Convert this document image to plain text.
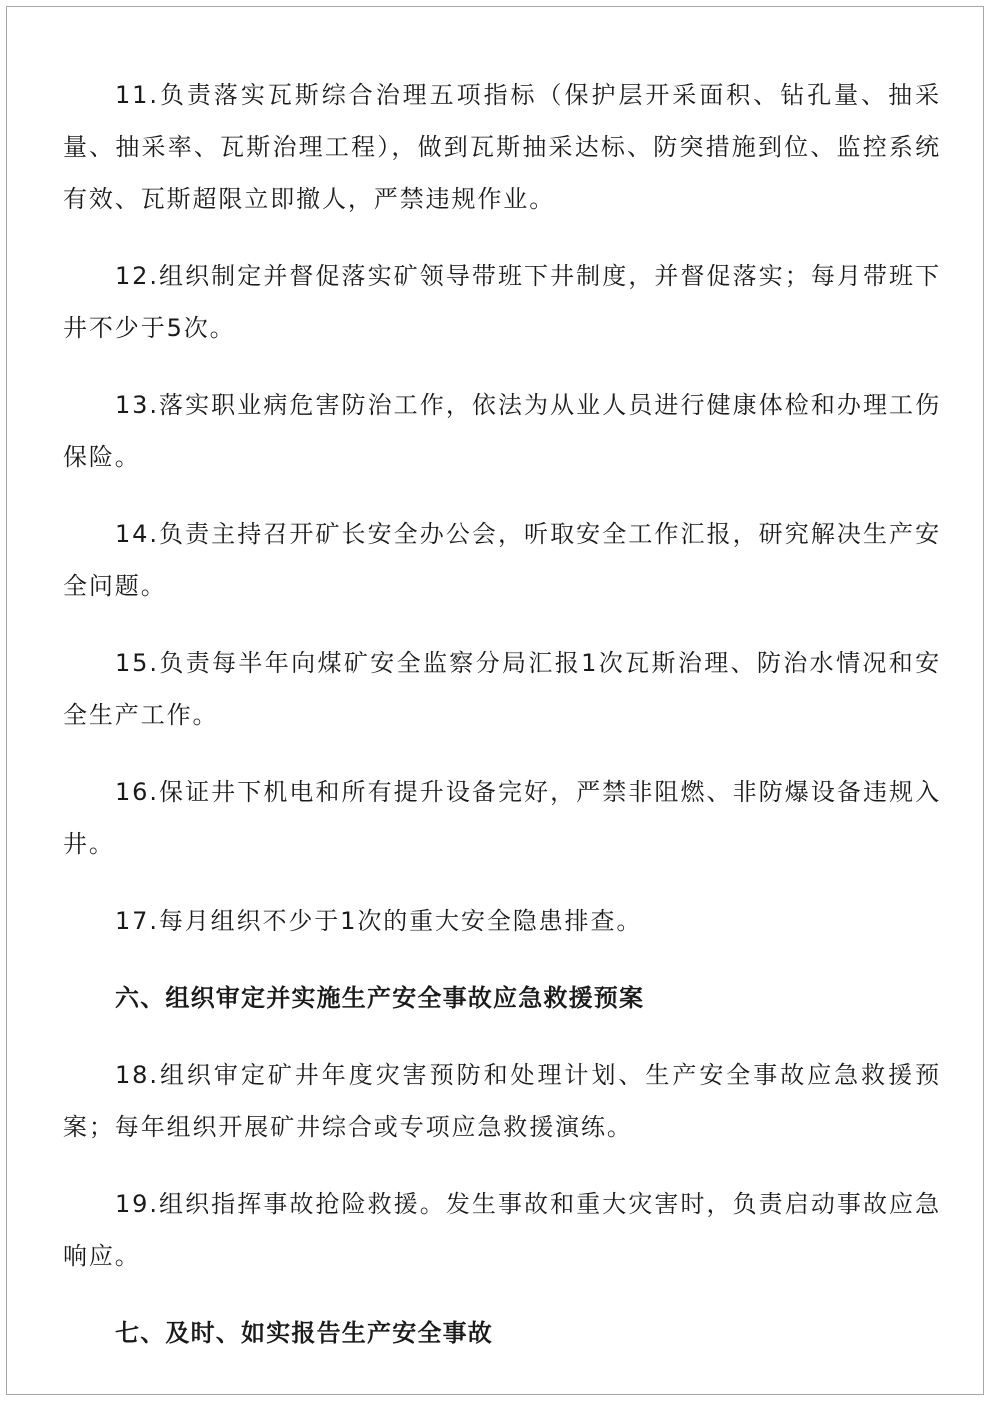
11.负责落实瓦斯综合治理五项指标（保护层开采面积、钻孔量、抽采量、抽采率、瓦斯治理工程），做到瓦斯抽采达标、防突措施到位、监控系统有效、瓦斯超限立即撤人，严禁违规作业。

12.组织制定并督促落实矿领导带班下井制度，并督促落实；每月带班下井不少于5次。

13.落实职业病危害防治工作，依法为从业人员进行健康体检和办理工伤保险。

14.负责主持召开矿长安全办公会，听取安全工作汇报，研究解决生产安全问题。

15.负责每半年向煤矿安全监察分局汇报1次瓦斯治理、防治水情况和安全生产工作。

16.保证井下机电和所有提升设备完好，严禁非阻燃、非防爆设备违规入井。

17.每月组织不少于1次的重大安全隐患排查。

六、组织审定并实施生产安全事故应急救援预案

18.组织审定矿井年度灾害预防和处理计划、生产安全事故应急救援预案；每年组织开展矿井综合或专项应急救援演练。

19.组织指挥事故抢险救援。发生事故和重大灾害时，负责启动事故应急响应。

七、及时、如实报告生产安全事故
